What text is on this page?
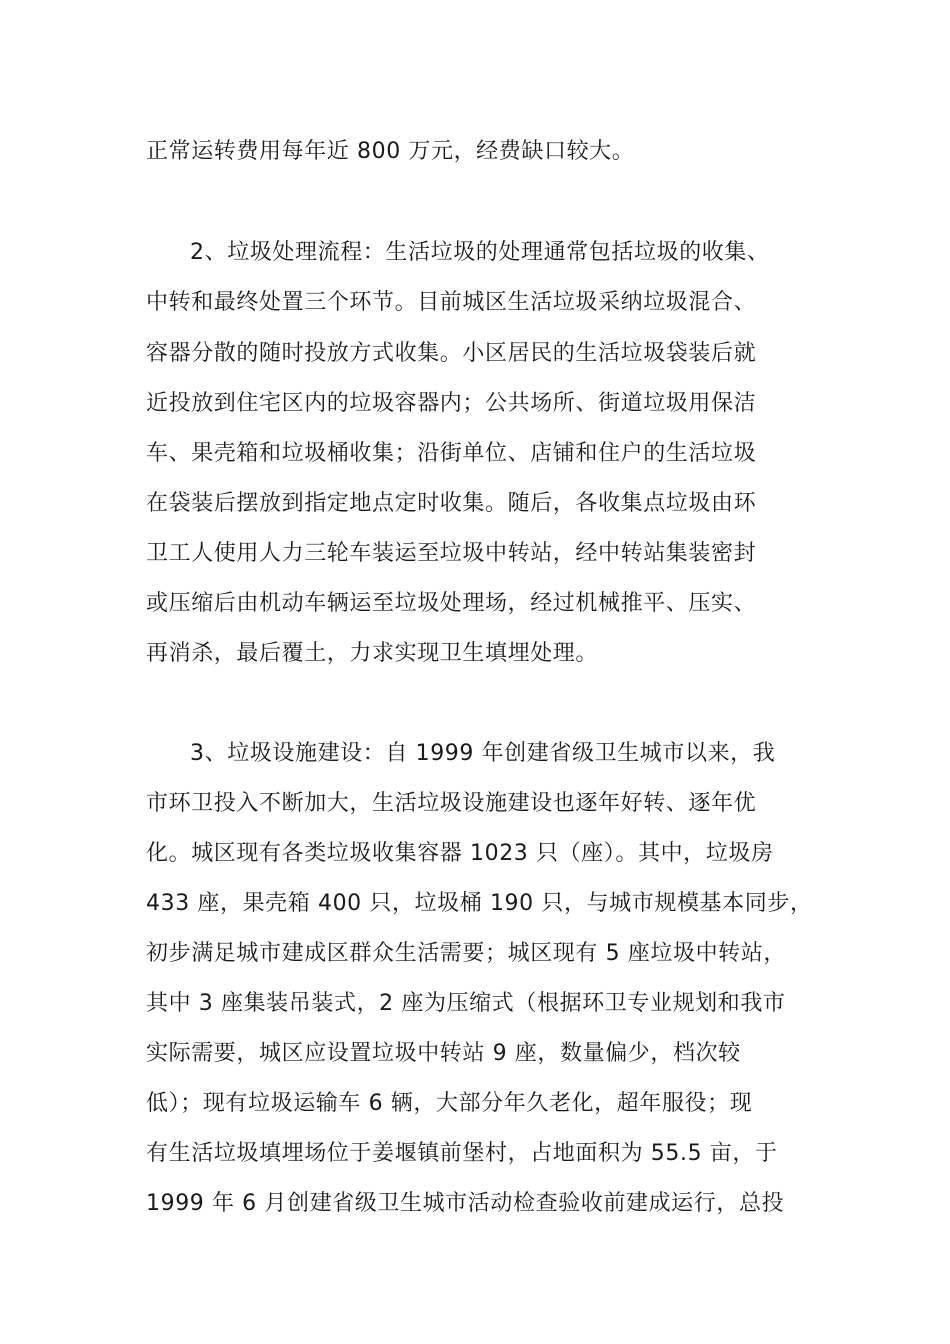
正常运转费用每年近 800 万元，经费缺口较大。
2、垃圾处理流程：生活垃圾的处理通常包括垃圾的收集、
中转和最终处置三个环节。目前城区生活垃圾采纳垃圾混合、
容器分散的随时投放方式收集。小区居民的生活垃圾袋装后就
近投放到住宅区内的垃圾容器内；公共场所、街道垃圾用保洁
车、果壳箱和垃圾桶收集；沿街单位、店铺和住户的生活垃圾
在袋装后摆放到指定地点定时收集。随后，各收集点垃圾由环
卫工人使用人力三轮车装运至垃圾中转站，经中转站集装密封
或压缩后由机动车辆运至垃圾处理场，经过机械推平、压实、
再消杀，最后覆土，力求实现卫生填埋处理。
3、垃圾设施建设：自 1999 年创建省级卫生城市以来，我
市环卫投入不断加大，生活垃圾设施建设也逐年好转、逐年优
化。城区现有各类垃圾收集容器 1023 只（座）。其中，垃圾房
433 座，果壳箱 400 只，垃圾桶 190 只，与城市规模基本同步，
初步满足城市建成区群众生活需要；城区现有 5 座垃圾中转站，
其中 3 座集装吊装式，2 座为压缩式（根据环卫专业规划和我市
实际需要，城区应设置垃圾中转站 9 座，数量偏少，档次较
低）；现有垃圾运输车 6 辆，大部分年久老化，超年服役；现
有生活垃圾填埋场位于姜堰镇前堡村，占地面积为 55.5 亩，于
1999 年 6 月创建省级卫生城市活动检查验收前建成运行，总投
